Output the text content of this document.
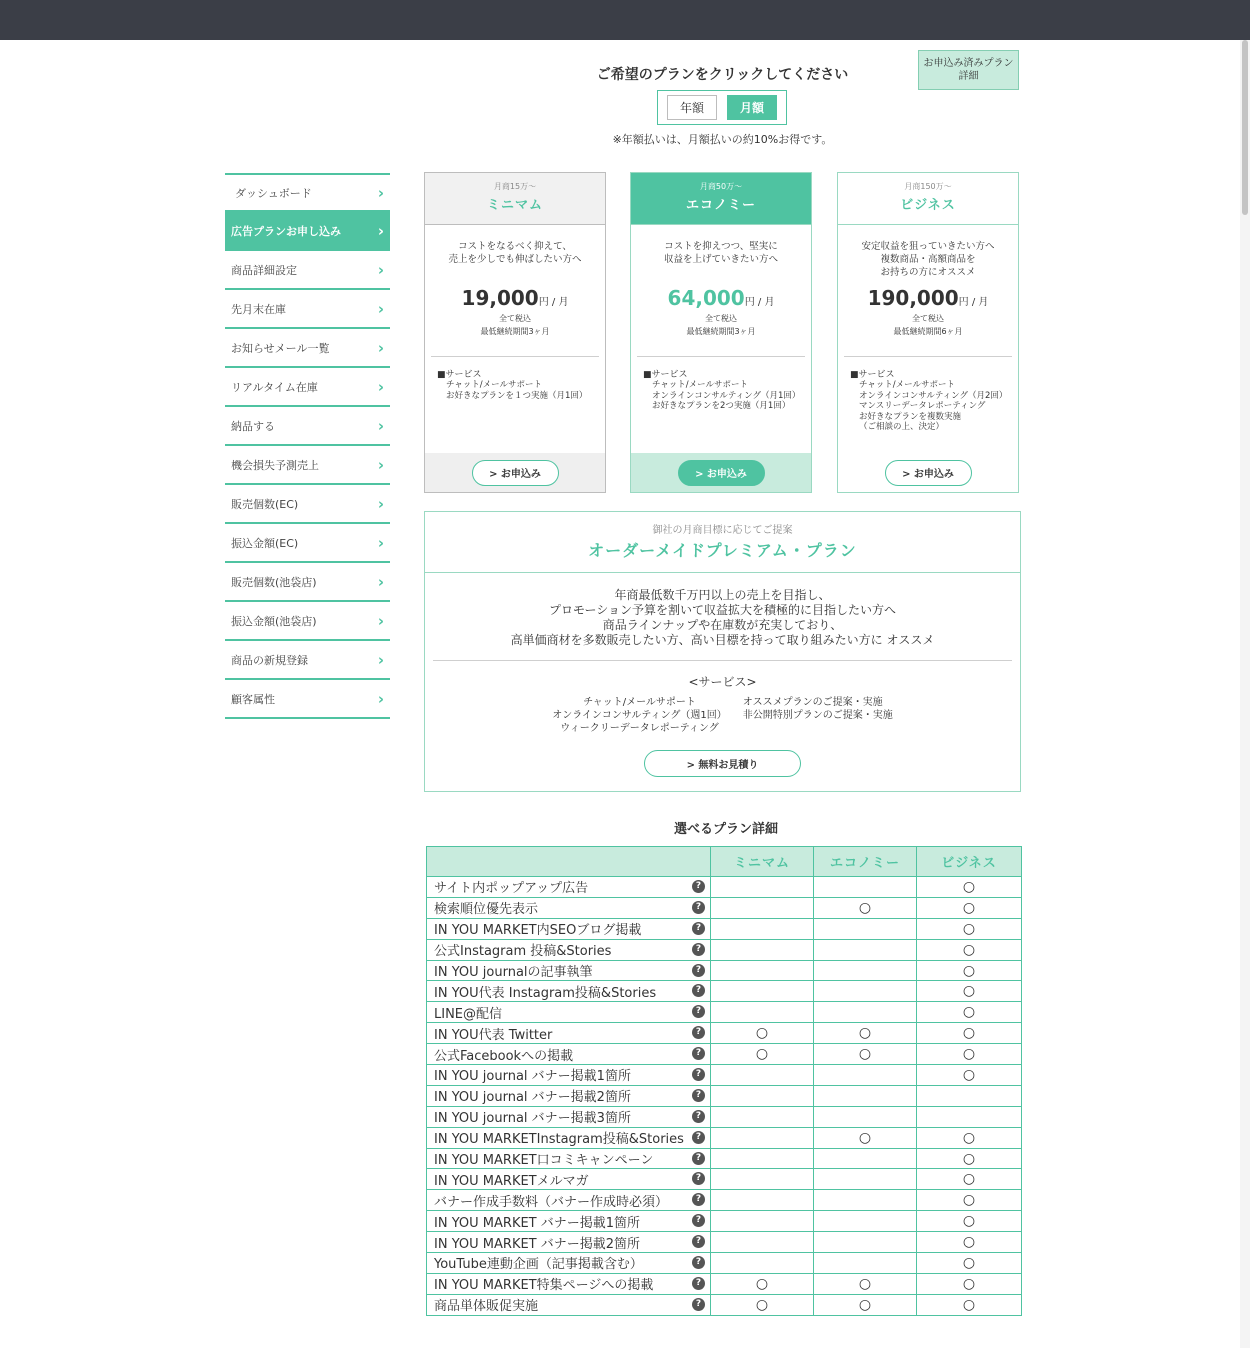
ご希望のプランをクリックしてください
年額	月額
※年額払いは、月額払いの約10%お得です。
お申込み済みプラン
詳細
ダッシュボード	›
広告プランお申し込み ›
商品詳細設定	›
先月末在庫	›
お知らせメール一覧	›
リアルタイム在庫	›
納品する	›
機会損失予測売上	›
販売個数(EC)	›
振込金額(EC)	›
販売個数(池袋店)	›
振込金額(池袋店)	›
商品の新規登録	›
顧客属性	›
月商15万〜
ミニマム
コストをなるべく抑えて、
売上を少しでも伸ばしたい方へ
19,000円 / 月
全て税込
最低継続期間3ヶ月
■サービス
チャット/メールサポート
お好きなプランを１つ実施（月1回）
> お申込み
月商50万〜
エコノミー
コストを抑えつつ、堅実に
収益を上げていきたい方へ
64,000円 / 月
全て税込
最低継続期間3ヶ月
■サービス
チャット/メールサポート
オンラインコンサルティング（月1回）
お好きなプランを2つ実施（月1回）
> お申込み
月商150万〜
ビジネス
安定収益を狙っていきたい方へ
複数商品・高額商品を
お持ちの方にオススメ
190,000円 / 月
全て税込
最低継続期間6ヶ月
■サービス
チャット/メールサポート
オンラインコンサルティング（月2回）
マンスリーデータレポーティング
お好きなプランを複数実施
（ご相談の上、決定）
> お申込み
御社の月商目標に応じてご提案
オーダーメイドプレミアム・プラン
年商最低数千万円以上の売上を目指し、
プロモーション予算を割いて収益拡大を積極的に目指したい方へ
商品ラインナップや在庫数が充実しており、
高単価商材を多数販売したい方、高い目標を持って取り組みたい方に オススメ
<サービス>
チャット/メールサポート
オンラインコンサルティング（週1回）
ウィークリーデータレポーティング
オススメプランのご提案・実施
非公開特別プランのご提案・実施
> 無料お見積り
選べるプラン詳細
	ミニマム	エコノミー	ビジネス
サイト内ポップアップ広告 ?			○
検索順位優先表示 ?		○	○
IN YOU MARKET内SEOブログ掲載 ?			○
公式Instagram 投稿&Stories ?			○
IN YOU journalの記事執筆 ?			○
IN YOU代表 Instagram投稿&Stories ?			○
LINE@配信 ?			○
IN YOU代表 Twitter ?	○	○	○
公式Facebookへの掲載 ?	○	○	○
IN YOU journal バナー掲載1箇所 ?			○
IN YOU journal バナー掲載2箇所 ?			

IN YOU journal バナー掲載3箇所 ?			

IN YOU MARKETInstagram投稿&Stories ?		○	○
IN YOU MARKET口コミキャンペーン ?			○
IN YOU MARKETメルマガ ?			○
バナー作成手数料（バナー作成時必須） ?			○
IN YOU MARKET バナー掲載1箇所 ?			○
IN YOU MARKET バナー掲載2箇所 ?			○
YouTube連動企画（記事掲載含む） ?			○
IN YOU MARKET特集ページへの掲載 ?	○	○	○
商品単体販促実施 ?	○	○	○
